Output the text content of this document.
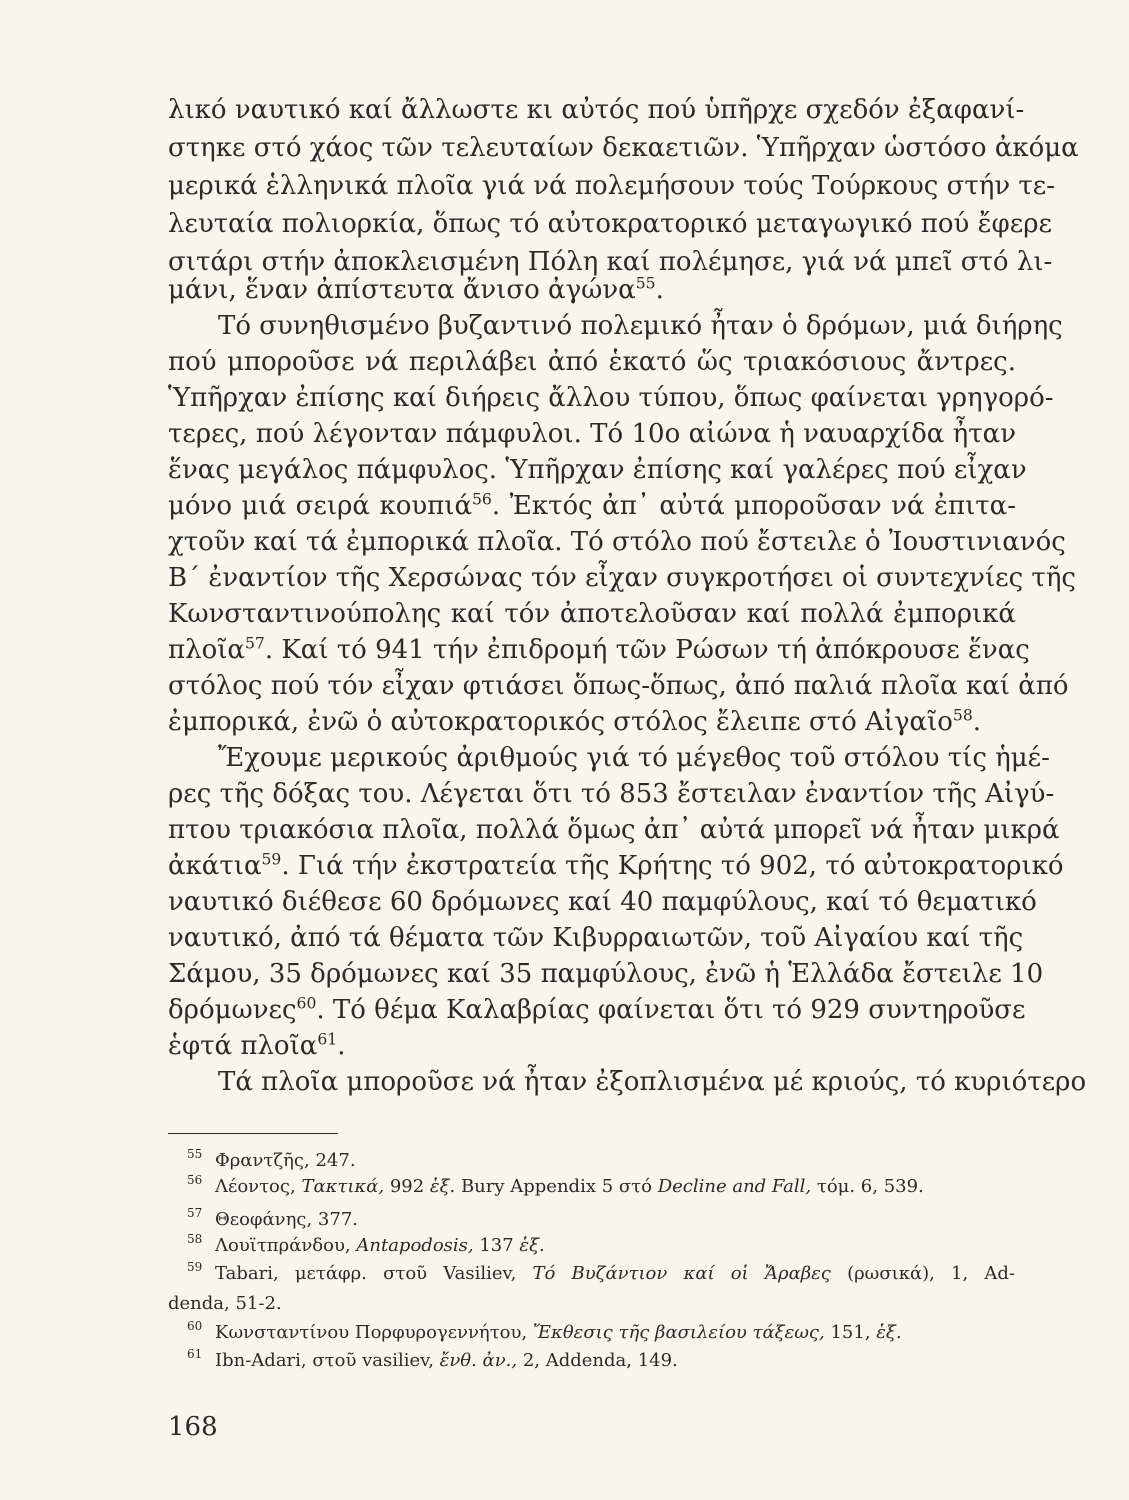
λικό ναυτικό καί ἄλλωστε κι αὐτός πού ὑπῆρχε σχεδόν ἐξαφανί-
στηκε στό χάος τῶν τελευταίων δεκαετιῶν. Ὑπῆρχαν ὡστόσο ἀκόμα
μερικά ἑλληνικά πλοῖα γιά νά πολεμήσουν τούς Τούρκους στήν τε-
λευταία πολιορκία, ὅπως τό αὐτοκρατορικό μεταγωγικό πού ἔφερε
σιτάρι στήν ἀποκλεισμένη Πόλη καί πολέμησε, γιά νά μπεῖ στό λι-
μάνι, ἕναν ἀπίστευτα ἄνισο ἀγώνα$^{55}$.
Τό συνηθισμένο βυζαντινό πολεμικό ἦταν ὁ δρόμων, μιά διήρης
πού μποροῦσε νά περιλάβει ἀπό ἑκατό ὥς τριακόσιους ἄντρες.
Ὑπῆρχαν ἐπίσης καί διήρεις ἄλλου τύπου, ὅπως φαίνεται γρηγορό-
τερες, πού λέγονταν πάμφυλοι. Τό 10ο αἰώνα ἡ ναυαρχίδα ἦταν
ἕνας μεγάλος πάμφυλος. Ὑπῆρχαν ἐπίσης καί γαλέρες πού εἶχαν
μόνο μιά σειρά κουπιά$^{56}$. Ἐκτός ἀπ᾿ αὐτά μποροῦσαν νά ἐπιτα-
χτοῦν καί τά ἐμπορικά πλοῖα. Τό στόλο πού ἔστειλε ὁ Ἰουστινιανός
Β΄ ἐναντίον τῆς Χερσώνας τόν εἶχαν συγκροτήσει οἱ συντεχνίες τῆς
Κωνσταντινούπολης καί τόν ἀποτελοῦσαν καί πολλά ἐμπορικά
πλοῖα$^{57}$. Καί τό 941 τήν ἐπιδρομή τῶν Ρώσων τή ἀπόκρουσε ἕνας
στόλος πού τόν εἶχαν φτιάσει ὅπως-ὅπως, ἀπό παλιά πλοῖα καί ἀπό
ἐμπορικά, ἐνῶ ὁ αὐτοκρατορικός στόλος ἔλειπε στό Αἰγαῖο$^{58}$.
Ἔχουμε μερικούς ἀριθμούς γιά τό μέγεθος τοῦ στόλου τίς ἡμέ-
ρες τῆς δόξας του. Λέγεται ὅτι τό 853 ἔστειλαν ἐναντίον τῆς Αἰγύ-
πτου τριακόσια πλοῖα, πολλά ὅμως ἀπ᾿ αὐτά μπορεῖ νά ἦταν μικρά
ἀκάτια$^{59}$. Γιά τήν ἐκστρατεία τῆς Κρήτης τό 902, τό αὐτοκρατορικό
ναυτικό διέθεσε 60 δρόμωνες καί 40 παμφύλους, καί τό θεματικό
ναυτικό, ἀπό τά θέματα τῶν Κιβυρραιωτῶν, τοῦ Αἰγαίου καί τῆς
Σάμου, 35 δρόμωνες καί 35 παμφύλους, ἐνῶ ἡ Ἑλλάδα ἔστειλε 10
δρόμωνες$^{60}$. Τό θέμα Καλαβρίας φαίνεται ὅτι τό 929 συντηροῦσε
ἑφτά πλοῖα$^{61}$.
Τά πλοῖα μποροῦσε νά ἦταν ἐξοπλισμένα μέ κριούς, τό κυριότερο
55 Φραντζῆς, 247.
56 Λέοντος, Τακτικά, 992 ἑξ. Bury Appendix 5 στό Decline and Fall, τόμ. 6, 539.
57 Θεοφάνης, 377.
58 Λουϊτπράνδου, Antapodosis, 137 ἑξ.
59 Tabari, μετάφρ. στοῦ Vasiliev, Τό Βυζάντιον καί οἱ Ἄραβες (ρωσικά), 1, Ad-
denda, 51-2.
60 Κωνσταντίνου Πορφυρογεννήτου, Ἔκθεσις τῆς βασιλείου τάξεως, 151, ἑξ.
61 Ibn-Adari, στοῦ vasiliev, ἔνθ. ἀν., 2, Addenda, 149.
168
